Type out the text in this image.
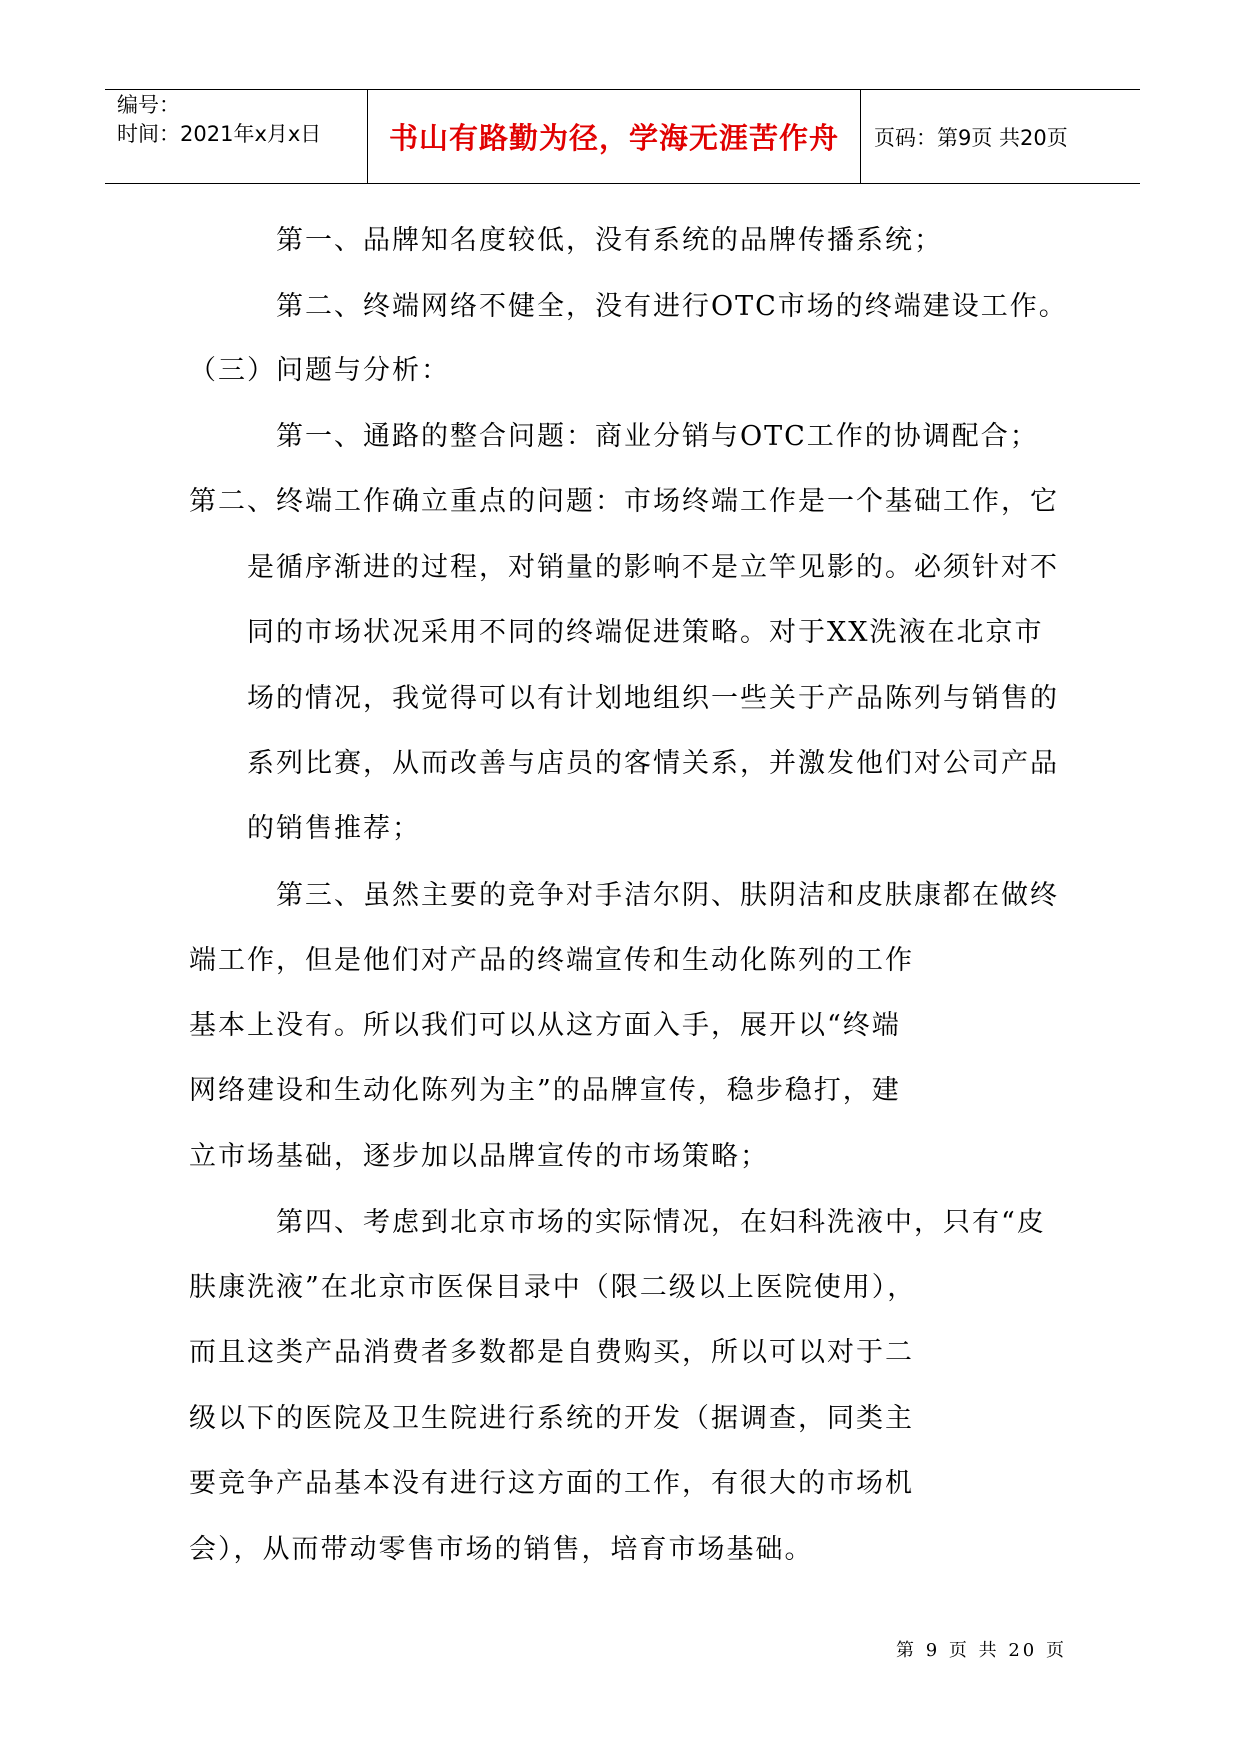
编号：
时间：2021年x月x日 书山有路勤为径，学海无涯苦作舟 页码：第9页 共20页
第一、品牌知名度较低，没有系统的品牌传播系统；
第二、终端网络不健全，没有进行OTC市场的终端建设工作。
（三）问题与分析：
第一、通路的整合问题：商业分销与OTC工作的协调配合；
第二、终端工作确立重点的问题：市场终端工作是一个基础工作，它
是循序渐进的过程，对销量的影响不是立竿见影的。必须针对不
同的市场状况采用不同的终端促进策略。对于XX洗液在北京市
场的情况，我觉得可以有计划地组织一些关于产品陈列与销售的
系列比赛，从而改善与店员的客情关系，并激发他们对公司产品
的销售推荐；
第三、虽然主要的竞争对手洁尔阴、肤阴洁和皮肤康都在做终
端工作，但是他们对产品的终端宣传和生动化陈列的工作
基本上没有。所以我们可以从这方面入手，展开以“终端
网络建设和生动化陈列为主”的品牌宣传，稳步稳打，建
立市场基础，逐步加以品牌宣传的市场策略；
第四、考虑到北京市场的实际情况，在妇科洗液中，只有“皮
肤康洗液”在北京市医保目录中（限二级以上医院使用），
而且这类产品消费者多数都是自费购买，所以可以对于二
级以下的医院及卫生院进行系统的开发（据调查，同类主
要竞争产品基本没有进行这方面的工作，有很大的市场机
会），从而带动零售市场的销售，培育市场基础。
第 9 页 共 20 页
